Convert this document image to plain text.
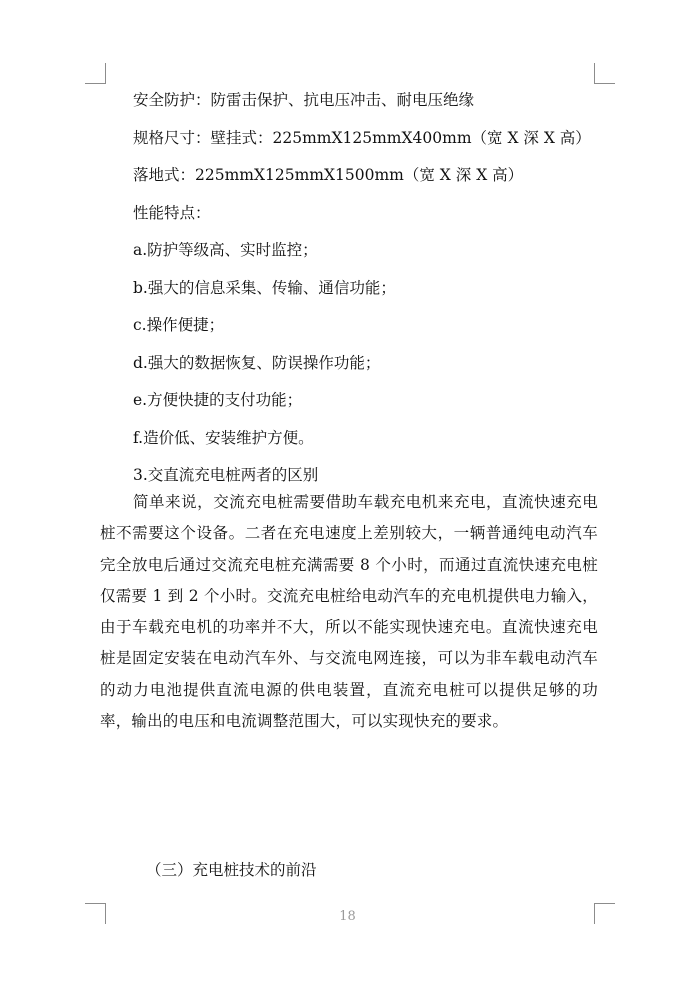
安全防护：防雷击保护、抗电压冲击、耐电压绝缘
规格尺寸：壁挂式：225mmX125mmX400mm（宽 X 深 X 高）
落地式：225mmX125mmX1500mm（宽 X 深 X 高）
性能特点：
a.防护等级高、实时监控；
b.强大的信息采集、传输、通信功能；
c.操作便捷；
d.强大的数据恢复、防误操作功能；
e.方便快捷的支付功能；
f.造价低、安装维护方便。
3.交直流充电桩两者的区别

简单来说，交流充电桩需要借助车载充电机来充电，直流快速充电桩不需要这个设备。二者在充电速度上差别较大，一辆普通纯电动汽车完全放电后通过交流充电桩充满需要 8 个小时，而通过直流快速充电桩仅需要 1 到 2 个小时。交流充电桩给电动汽车的充电机提供电力输入，由于车载充电机的功率并不大，所以不能实现快速充电。直流快速充电桩是固定安装在电动汽车外、与交流电网连接，可以为非车载电动汽车的动力电池提供直流电源的供电装置，直流充电桩可以提供足够的功率，输出的电压和电流调整范围大，可以实现快充的要求。

（三）充电桩技术的前沿
18
